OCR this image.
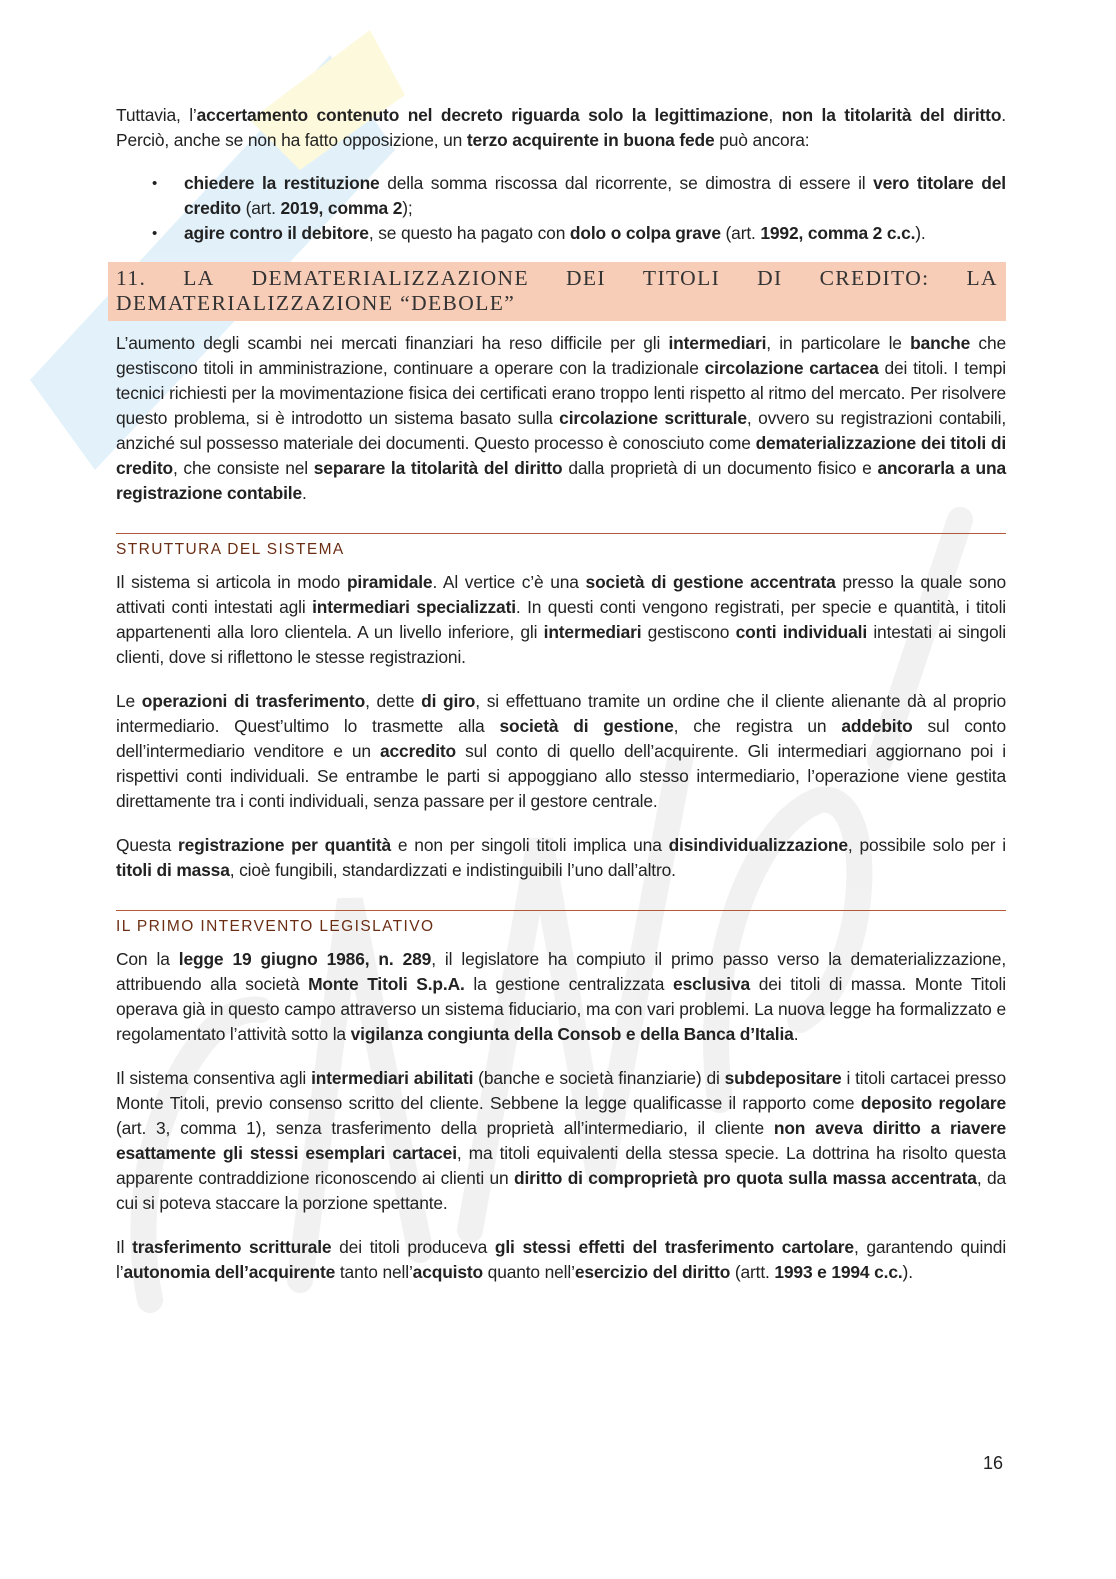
Tuttavia, l’accertamento contenuto nel decreto riguarda solo la legittimazione, non la titolarità del diritto. Perciò, anche se non ha fatto opposizione, un terzo acquirente in buona fede può ancora:

• chiedere la restituzione della somma riscossa dal ricorrente, se dimostra di essere il vero titolare del credito (art. 2019, comma 2);
• agire contro il debitore, se questo ha pagato con dolo o colpa grave (art. 1992, comma 2 c.c.).
11. LA DEMATERIALIZZAZIONE DEI TITOLI DI CREDITO: LA
DEMATERIALIZZAZIONE “DEBOLE”

L’aumento degli scambi nei mercati finanziari ha reso difficile per gli intermediari, in particolare le banche che gestiscono titoli in amministrazione, continuare a operare con la tradizionale circolazione cartacea dei titoli. I tempi tecnici richiesti per la movimentazione fisica dei certificati erano troppo lenti rispetto al ritmo del mercato. Per risolvere questo problema, si è introdotto un sistema basato sulla circolazione scritturale, ovvero su registrazioni contabili, anziché sul possesso materiale dei documenti. Questo processo è conosciuto come dematerializzazione dei titoli di credito, che consiste nel separare la titolarità del diritto dalla proprietà di un documento fisico e ancorarla a una registrazione contabile.

STRUTTURA DEL SISTEMA

Il sistema si articola in modo piramidale. Al vertice c’è una società di gestione accentrata presso la quale sono attivati conti intestati agli intermediari specializzati. In questi conti vengono registrati, per specie e quantità, i titoli appartenenti alla loro clientela. A un livello inferiore, gli intermediari gestiscono conti individuali intestati ai singoli clienti, dove si riflettono le stesse registrazioni.

Le operazioni di trasferimento, dette di giro, si effettuano tramite un ordine che il cliente alienante dà al proprio intermediario. Quest’ultimo lo trasmette alla società di gestione, che registra un addebito sul conto dell’intermediario venditore e un accredito sul conto di quello dell’acquirente. Gli intermediari aggiornano poi i rispettivi conti individuali. Se entrambe le parti si appoggiano allo stesso intermediario, l’operazione viene gestita direttamente tra i conti individuali, senza passare per il gestore centrale.

Questa registrazione per quantità e non per singoli titoli implica una disindividualizzazione, possibile solo per i titoli di massa, cioè fungibili, standardizzati e indistinguibili l’uno dall’altro.

IL PRIMO INTERVENTO LEGISLATIVO

Con la legge 19 giugno 1986, n. 289, il legislatore ha compiuto il primo passo verso la dematerializzazione, attribuendo alla società Monte Titoli S.p.A. la gestione centralizzata esclusiva dei titoli di massa. Monte Titoli operava già in questo campo attraverso un sistema fiduciario, ma con vari problemi. La nuova legge ha formalizzato e regolamentato l’attività sotto la vigilanza congiunta della Consob e della Banca d’Italia.

Il sistema consentiva agli intermediari abilitati (banche e società finanziarie) di subdepositare i titoli cartacei presso Monte Titoli, previo consenso scritto del cliente. Sebbene la legge qualificasse il rapporto come deposito regolare (art. 3, comma 1), senza trasferimento della proprietà all’intermediario, il cliente non aveva diritto a riavere esattamente gli stessi esemplari cartacei, ma titoli equivalenti della stessa specie. La dottrina ha risolto questa apparente contraddizione riconoscendo ai clienti un diritto di comproprietà pro quota sulla massa accentrata, da cui si poteva staccare la porzione spettante.

Il trasferimento scritturale dei titoli produceva gli stessi effetti del trasferimento cartolare, garantendo quindi l’autonomia dell’acquirente tanto nell’acquisto quanto nell’esercizio del diritto (artt. 1993 e 1994 c.c.).

16
